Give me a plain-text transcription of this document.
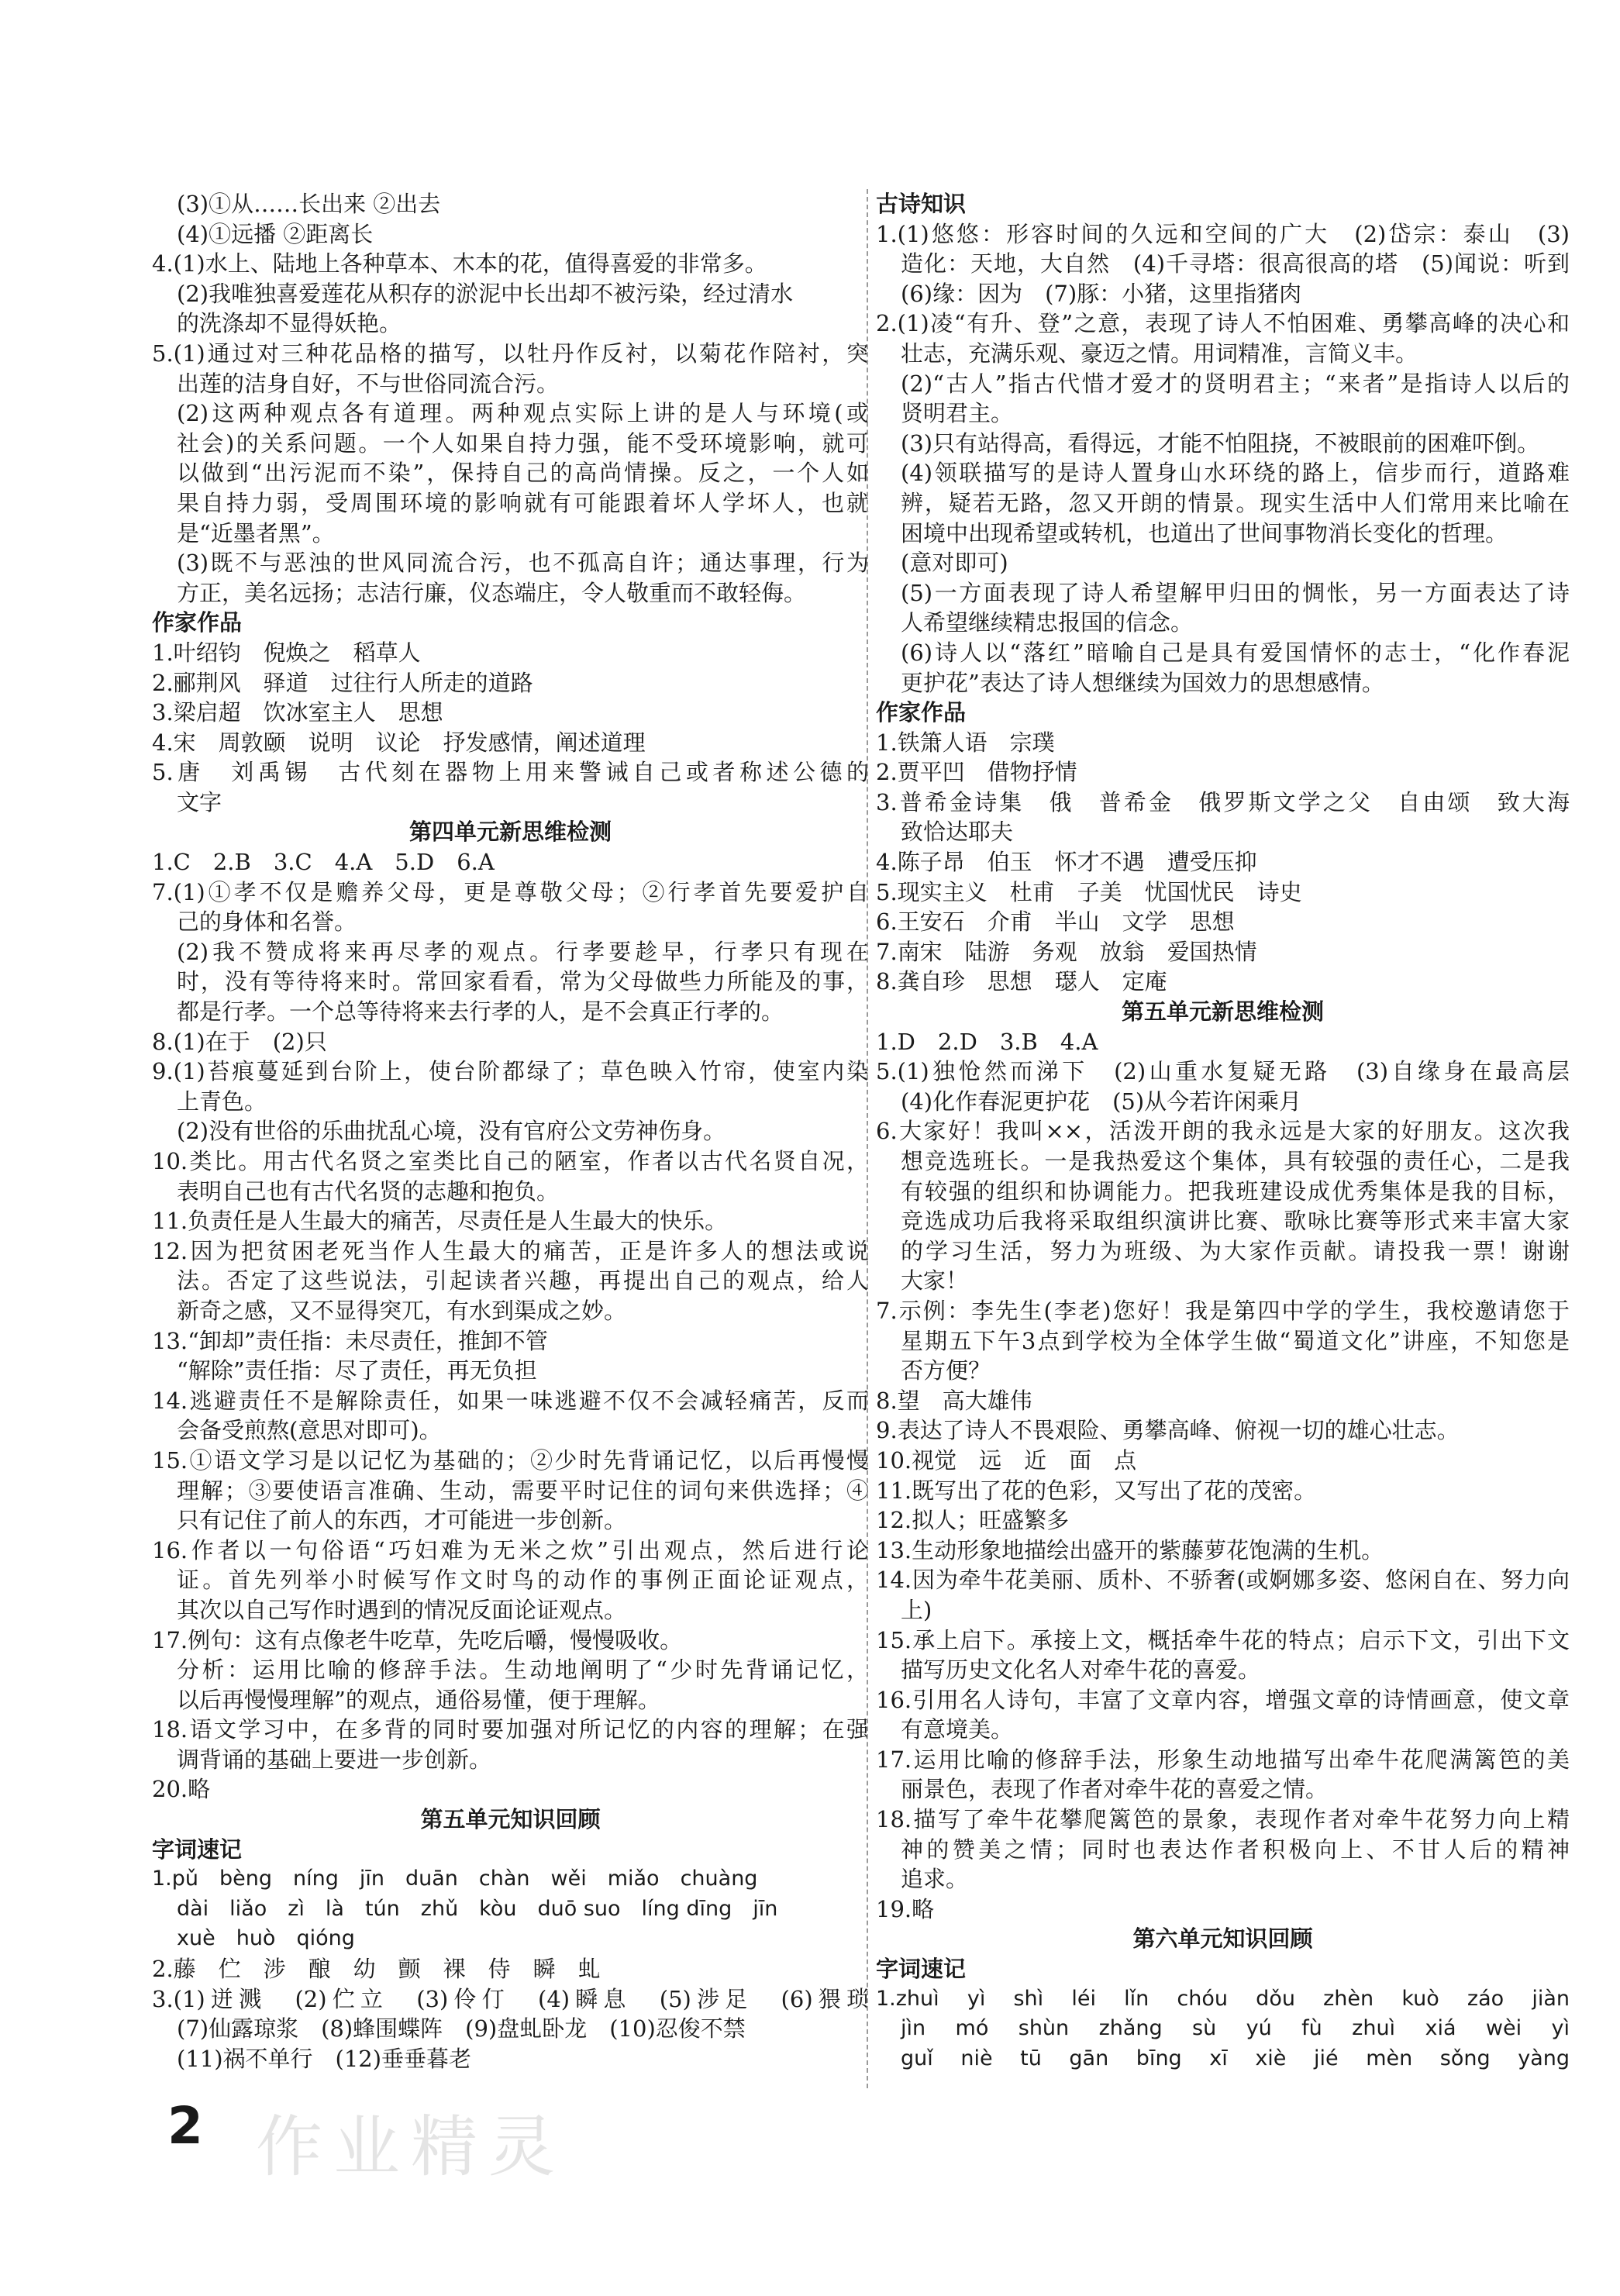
(3)①从……长出来 ②出去
(4)①远播 ②距离长
4.(1)水上、陆地上各种草本、木本的花，值得喜爱的非常多。
(2)我唯独喜爱莲花从积存的淤泥中长出却不被污染，经过清水
的洗涤却不显得妖艳。
5.(1)通过对三种花品格的描写，以牡丹作反衬，以菊花作陪衬，突
出莲的洁身自好，不与世俗同流合污。
(2)这两种观点各有道理。两种观点实际上讲的是人与环境(或
社会)的关系问题。一个人如果自持力强，能不受环境影响，就可
以做到“出污泥而不染”，保持自己的高尚情操。反之，一个人如
果自持力弱，受周围环境的影响就有可能跟着坏人学坏人，也就
是“近墨者黑”。
(3)既不与恶浊的世风同流合污，也不孤高自许；通达事理，行为
方正，美名远扬；志洁行廉，仪态端庄，令人敬重而不敢轻侮。
作家作品
1.叶绍钧　倪焕之　稻草人
2.郦荆风　驿道　过往行人所走的道路
3.梁启超　饮冰室主人　思想
4.宋　周敦颐　说明　议论　抒发感情，阐述道理
5.唐　刘禹锡　古代刻在器物上用来警诫自己或者称述公德的
文字
第四单元新思维检测
1.C　2.B　3.C　4.A　5.D　6.A
7.(1)①孝不仅是赡养父母，更是尊敬父母；②行孝首先要爱护自
己的身体和名誉。
(2)我不赞成将来再尽孝的观点。行孝要趁早，行孝只有现在
时，没有等待将来时。常回家看看，常为父母做些力所能及的事，
都是行孝。一个总等待将来去行孝的人，是不会真正行孝的。
8.(1)在于　(2)只
9.(1)苔痕蔓延到台阶上，使台阶都绿了；草色映入竹帘，使室内染
上青色。
(2)没有世俗的乐曲扰乱心境，没有官府公文劳神伤身。
10.类比。用古代名贤之室类比自己的陋室，作者以古代名贤自况，
表明自己也有古代名贤的志趣和抱负。
11.负责任是人生最大的痛苦，尽责任是人生最大的快乐。
12.因为把贫困老死当作人生最大的痛苦，正是许多人的想法或说
法。否定了这些说法，引起读者兴趣，再提出自己的观点，给人
新奇之感，又不显得突兀，有水到渠成之妙。
13.“卸却”责任指：未尽责任，推卸不管
“解除”责任指：尽了责任，再无负担
14.逃避责任不是解除责任，如果一味逃避不仅不会减轻痛苦，反而
会备受煎熬(意思对即可)。
15.①语文学习是以记忆为基础的；②少时先背诵记忆，以后再慢慢
理解；③要使语言准确、生动，需要平时记住的词句来供选择；④
只有记住了前人的东西，才可能进一步创新。
16.作者以一句俗语“巧妇难为无米之炊”引出观点，然后进行论
证。首先列举小时候写作文时鸟的动作的事例正面论证观点，
其次以自己写作时遇到的情况反面论证观点。
17.例句：这有点像老牛吃草，先吃后嚼，慢慢吸收。
分析：运用比喻的修辞手法。生动地阐明了“少时先背诵记忆，
以后再慢慢理解”的观点，通俗易懂，便于理解。
18.语文学习中，在多背的同时要加强对所记忆的内容的理解；在强
调背诵的基础上要进一步创新。
20.略
第五单元知识回顾
字词速记
1.pǔ　bèng　níng　jīn　duān　chàn　wěi　miǎo　chuàng
dài　liǎo　zì　là　tún　zhǔ　kòu　duō suo　líng dīng　jīn
xuè　huò　qióng
2.藤　伫　涉　酿　幼　颤　裸　侍　瞬　虬
3.(1)迸溅　(2)伫立　(3)伶仃　(4)瞬息　(5)涉足　(6)猥琐
(7)仙露琼浆　(8)蜂围蝶阵　(9)盘虬卧龙　(10)忍俊不禁
(11)祸不单行　(12)垂垂暮老
古诗知识
1.(1)悠悠：形容时间的久远和空间的广大　(2)岱宗：泰山　(3)
造化：天地，大自然　(4)千寻塔：很高很高的塔　(5)闻说：听到
(6)缘：因为　(7)豚：小猪，这里指猪肉
2.(1)凌“有升、登”之意，表现了诗人不怕困难、勇攀高峰的决心和
壮志，充满乐观、豪迈之情。用词精准，言简义丰。
(2)“古人”指古代惜才爱才的贤明君主；“来者”是指诗人以后的
贤明君主。
(3)只有站得高，看得远，才能不怕阻挠，不被眼前的困难吓倒。
(4)领联描写的是诗人置身山水环绕的路上，信步而行，道路难
辨，疑若无路，忽又开朗的情景。现实生活中人们常用来比喻在
困境中出现希望或转机，也道出了世间事物消长变化的哲理。
(意对即可)
(5)一方面表现了诗人希望解甲归田的惆怅，另一方面表达了诗
人希望继续精忠报国的信念。
(6)诗人以“落红”暗喻自己是具有爱国情怀的志士，“化作春泥
更护花”表达了诗人想继续为国效力的思想感情。
作家作品
1.铁箫人语　宗璞
2.贾平凹　借物抒情
3.普希金诗集　俄　普希金　俄罗斯文学之父　自由颂　致大海
致恰达耶夫
4.陈子昂　伯玉　怀才不遇　遭受压抑
5.现实主义　杜甫　子美　忧国忧民　诗史
6.王安石　介甫　半山　文学　思想
7.南宋　陆游　务观　放翁　爱国热情
8.龚自珍　思想　璱人　定庵
第五单元新思维检测
1.D　2.D　3.B　4.A
5.(1)独怆然而涕下　(2)山重水复疑无路　(3)自缘身在最高层
(4)化作春泥更护花　(5)从今若许闲乘月
6.大家好！我叫××，活泼开朗的我永远是大家的好朋友。这次我
想竞选班长。一是我热爱这个集体，具有较强的责任心，二是我
有较强的组织和协调能力。把我班建设成优秀集体是我的目标，
竞选成功后我将采取组织演讲比赛、歌咏比赛等形式来丰富大家
的学习生活，努力为班级、为大家作贡献。请投我一票！谢谢
大家！
7.示例：李先生(李老)您好！我是第四中学的学生，我校邀请您于
星期五下午3点到学校为全体学生做“蜀道文化”讲座，不知您是
否方便？
8.望　高大雄伟
9.表达了诗人不畏艰险、勇攀高峰、俯视一切的雄心壮志。
10.视觉　远　近　面　点
11.既写出了花的色彩，又写出了花的茂密。
12.拟人；旺盛繁多
13.生动形象地描绘出盛开的紫藤萝花饱满的生机。
14.因为牵牛花美丽、质朴、不骄奢(或婀娜多姿、悠闲自在、努力向
上)
15.承上启下。承接上文，概括牵牛花的特点；启示下文，引出下文
描写历史文化名人对牵牛花的喜爱。
16.引用名人诗句，丰富了文章内容，增强文章的诗情画意，使文章
有意境美。
17.运用比喻的修辞手法，形象生动地描写出牵牛花爬满篱笆的美
丽景色，表现了作者对牵牛花的喜爱之情。
18.描写了牵牛花攀爬篱笆的景象，表现作者对牵牛花努力向上精
神的赞美之情；同时也表达作者积极向上、不甘人后的精神
追求。
19.略
第六单元知识回顾
字词速记
1.zhuì　yì　shì　léi　lǐn　chóu　dǒu　zhèn　kuò　záo　jiàn
jìn　mó　shùn　zhǎng　sù　yú　fù　zhuì　xiá　wèi　yì
guǐ　niè　tū　gān　bīng　xī　xiè　jié　mèn　sǒng　yàng
2 作业精灵
